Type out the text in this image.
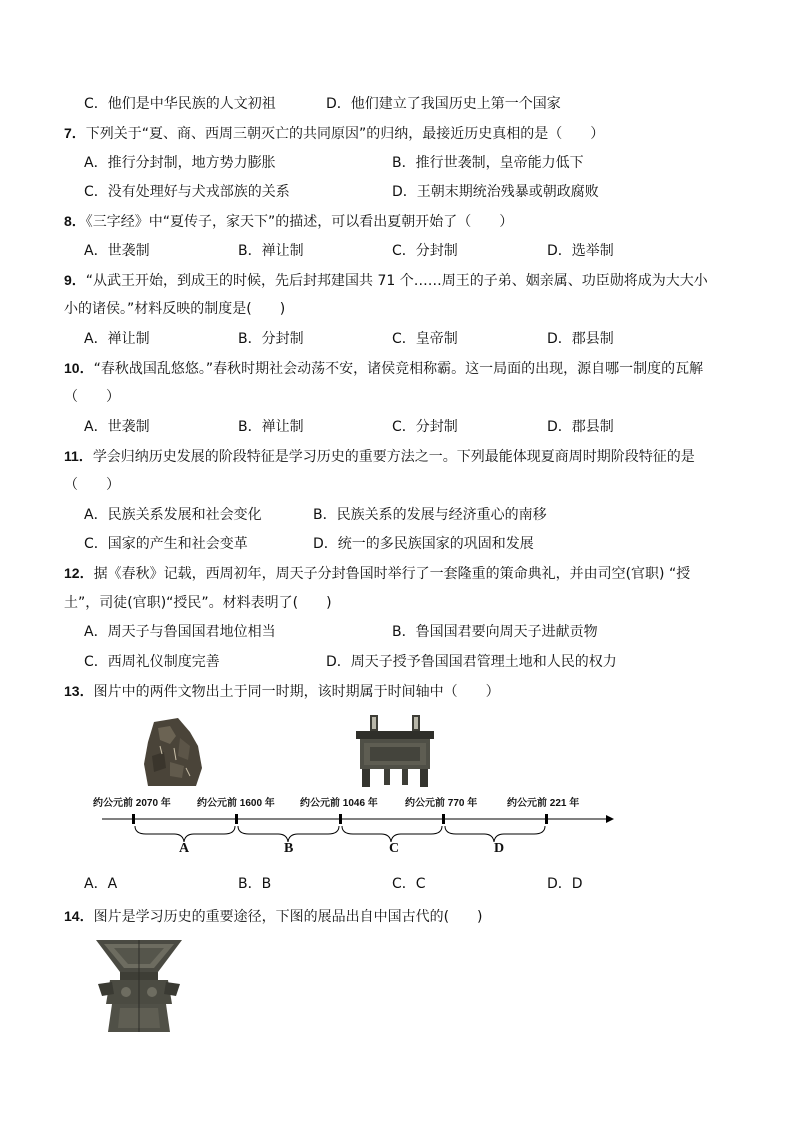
C．他们是中华民族的人文初祖	D．他们建立了我国历史上第一个国家
7．下列关于“夏、商、西周三朝灭亡的共同原因”的归纳，最接近历史真相的是（　　）
A．推行分封制，地方势力膨胀	B．推行世袭制，皇帝能力低下
C．没有处理好与犬戎部族的关系	D．王朝末期统治残暴或朝政腐败
8．《三字经》中“夏传子，家天下”的描述，可以看出夏朝开始了（　　）
A．世袭制	B．禅让制	C．分封制	D．选举制
9．“从武王开始，到成王的时候，先后封邦建国共 71 个……周王的子弟、姻亲属、功臣勋将成为大大小
小的诸侯。”材料反映的制度是(　　)
A．禅让制	B．分封制	C．皇帝制	D．郡县制
10．“春秋战国乱悠悠。”春秋时期社会动荡不安，诸侯竞相称霸。这一局面的出现，源自哪一制度的瓦解
（　　）
A．世袭制	B．禅让制	C．分封制	D．郡县制
11．学会归纳历史发展的阶段特征是学习历史的重要方法之一。下列最能体现夏商周时期阶段特征的是
（　　）
A．民族关系发展和社会变化	B．民族关系的发展与经济重心的南移
C．国家的产生和社会变革	D．统一的多民族国家的巩固和发展
12．据《春秋》记载，西周初年，周天子分封鲁国时举行了一套隆重的策命典礼，并由司空(官职) “授
土”，司徒(官职)“授民”。材料表明了(　　)
A．周天子与鲁国国君地位相当	B．鲁国国君要向周天子进献贡物
C．西周礼仪制度完善	D．周天子授予鲁国国君管理土地和人民的权力
13．图片中的两件文物出土于同一时期，该时期属于时间轴中（　　）
约公元前 2070 年	约公元前 1600 年	约公元前 1046 年	约公元前 770 年	约公元前 221 年
A	B	C	D
A．A	B．B	C．C	D．D
14．图片是学习历史的重要途径，下图的展品出自中国古代的(　　)
